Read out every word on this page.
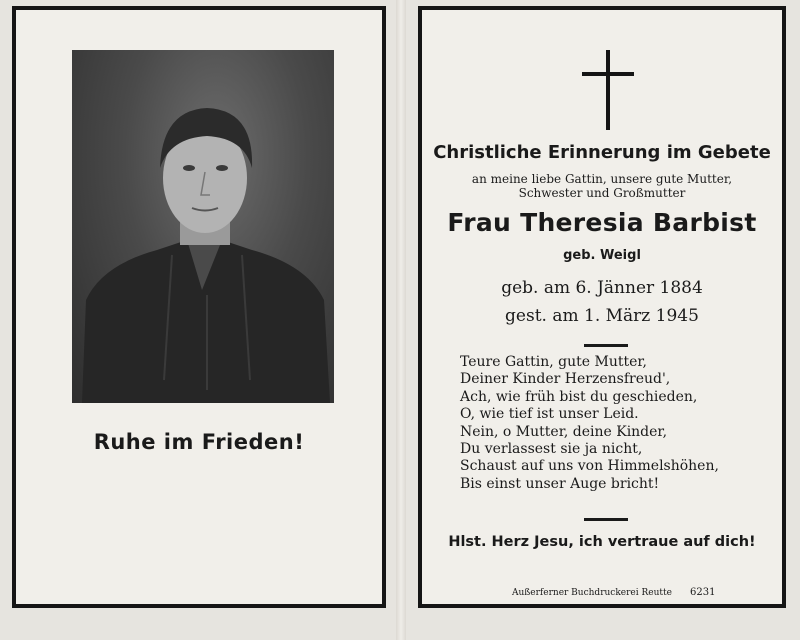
Ruhe im Frieden!
Christliche Erinnerung im Gebete
an meine liebe Gattin, unsere gute Mutter,
Schwester und Großmutter
Frau Theresia Barbist
geb. Weigl
geb. am 6. Jänner 1884
gest. am 1. März 1945
Teure Gattin, gute Mutter,
Deiner Kinder Herzensfreud',
Ach, wie früh bist du geschieden,
O, wie tief ist unser Leid.
Nein, o Mutter, deine Kinder,
Du verlassest sie ja nicht,
Schaust auf uns von Himmelshöhen,
Bis einst unser Auge bricht!
Hlst. Herz Jesu, ich vertraue auf dich!
Außerferner Buchdruckerei Reutte 6231
